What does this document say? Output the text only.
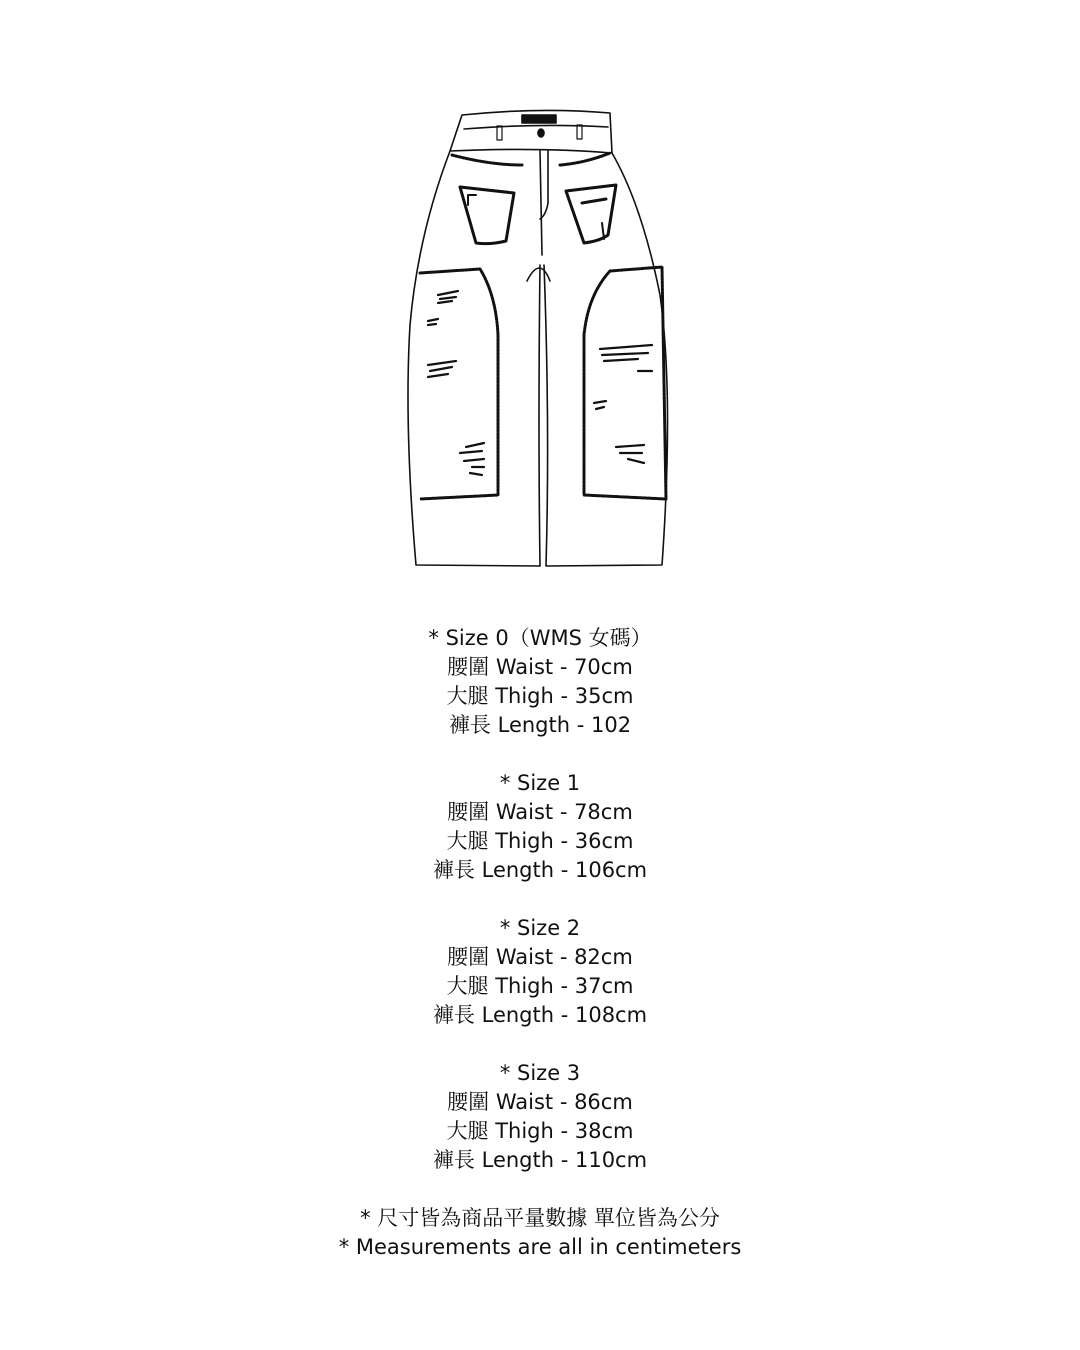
* Size 0（WMS 女碼）
腰圍 Waist - 70cm
大腿 Thigh - 35cm
褲長 Length - 102
* Size 1
腰圍 Waist - 78cm
大腿 Thigh - 36cm
褲長 Length - 106cm
* Size 2
腰圍 Waist - 82cm
大腿 Thigh - 37cm
褲長 Length - 108cm
* Size 3
腰圍 Waist - 86cm
大腿 Thigh - 38cm
褲長 Length - 110cm
* 尺寸皆為商品平量數據 單位皆為公分
* Measurements are all in centimeters
